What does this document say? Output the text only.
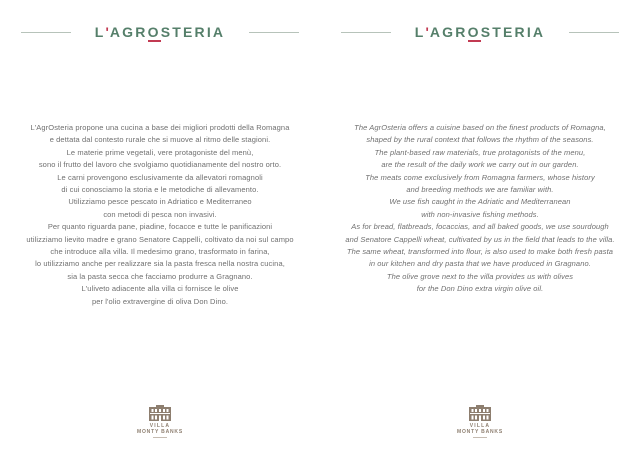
L'AGROSTERIA
L'AgrOsteria propone una cucina a base dei migliori prodotti della Romagna
e dettata dal contesto rurale che si muove al ritmo delle stagioni.
Le materie prime vegetali, vere protagoniste del menù,
sono il frutto del lavoro che svolgiamo quotidianamente del nostro orto.
Le carni provengono esclusivamente da allevatori romagnoli
di cui conosciamo la storia e le metodiche di allevamento.
Utilizziamo pesce pescato in Adriatico e Mediterraneo
con metodi di pesca non invasivi.
Per quanto riguarda pane, piadine, focacce e tutte le panificazioni
utilizziamo lievito madre e grano Senatore Cappelli, coltivato da noi sul campo
che introduce alla villa. Il medesimo grano, trasformato in farina,
lo utilizziamo anche per realizzare sia la pasta fresca nella nostra cucina,
sia la pasta secca che facciamo produrre a Gragnano.
L'uliveto adiacente alla villa ci fornisce le olive
per l'olio extravergine di oliva Don Dino.
VILLA
MONTY BANKS
L'AGROSTERIA
The AgrOsteria offers a cuisine based on the finest products of Romagna,
shaped by the rural context that follows the rhythm of the seasons.
The plant-based raw materials, true protagonists of the menu,
are the result of the daily work we carry out in our garden.
The meats come exclusively from Romagna farmers, whose history
and breeding methods we are familiar with.
We use fish caught in the Adriatic and Mediterranean
with non-invasive fishing methods.
As for bread, flatbreads, focaccias, and all baked goods, we use sourdough
and Senatore Cappelli wheat, cultivated by us in the field that leads to the villa.
The same wheat, transformed into flour, is also used to make both fresh pasta
in our kitchen and dry pasta that we have produced in Gragnano.
The olive grove next to the villa provides us with olives
for the Don Dino extra virgin olive oil.
VILLA
MONTY BANKS
